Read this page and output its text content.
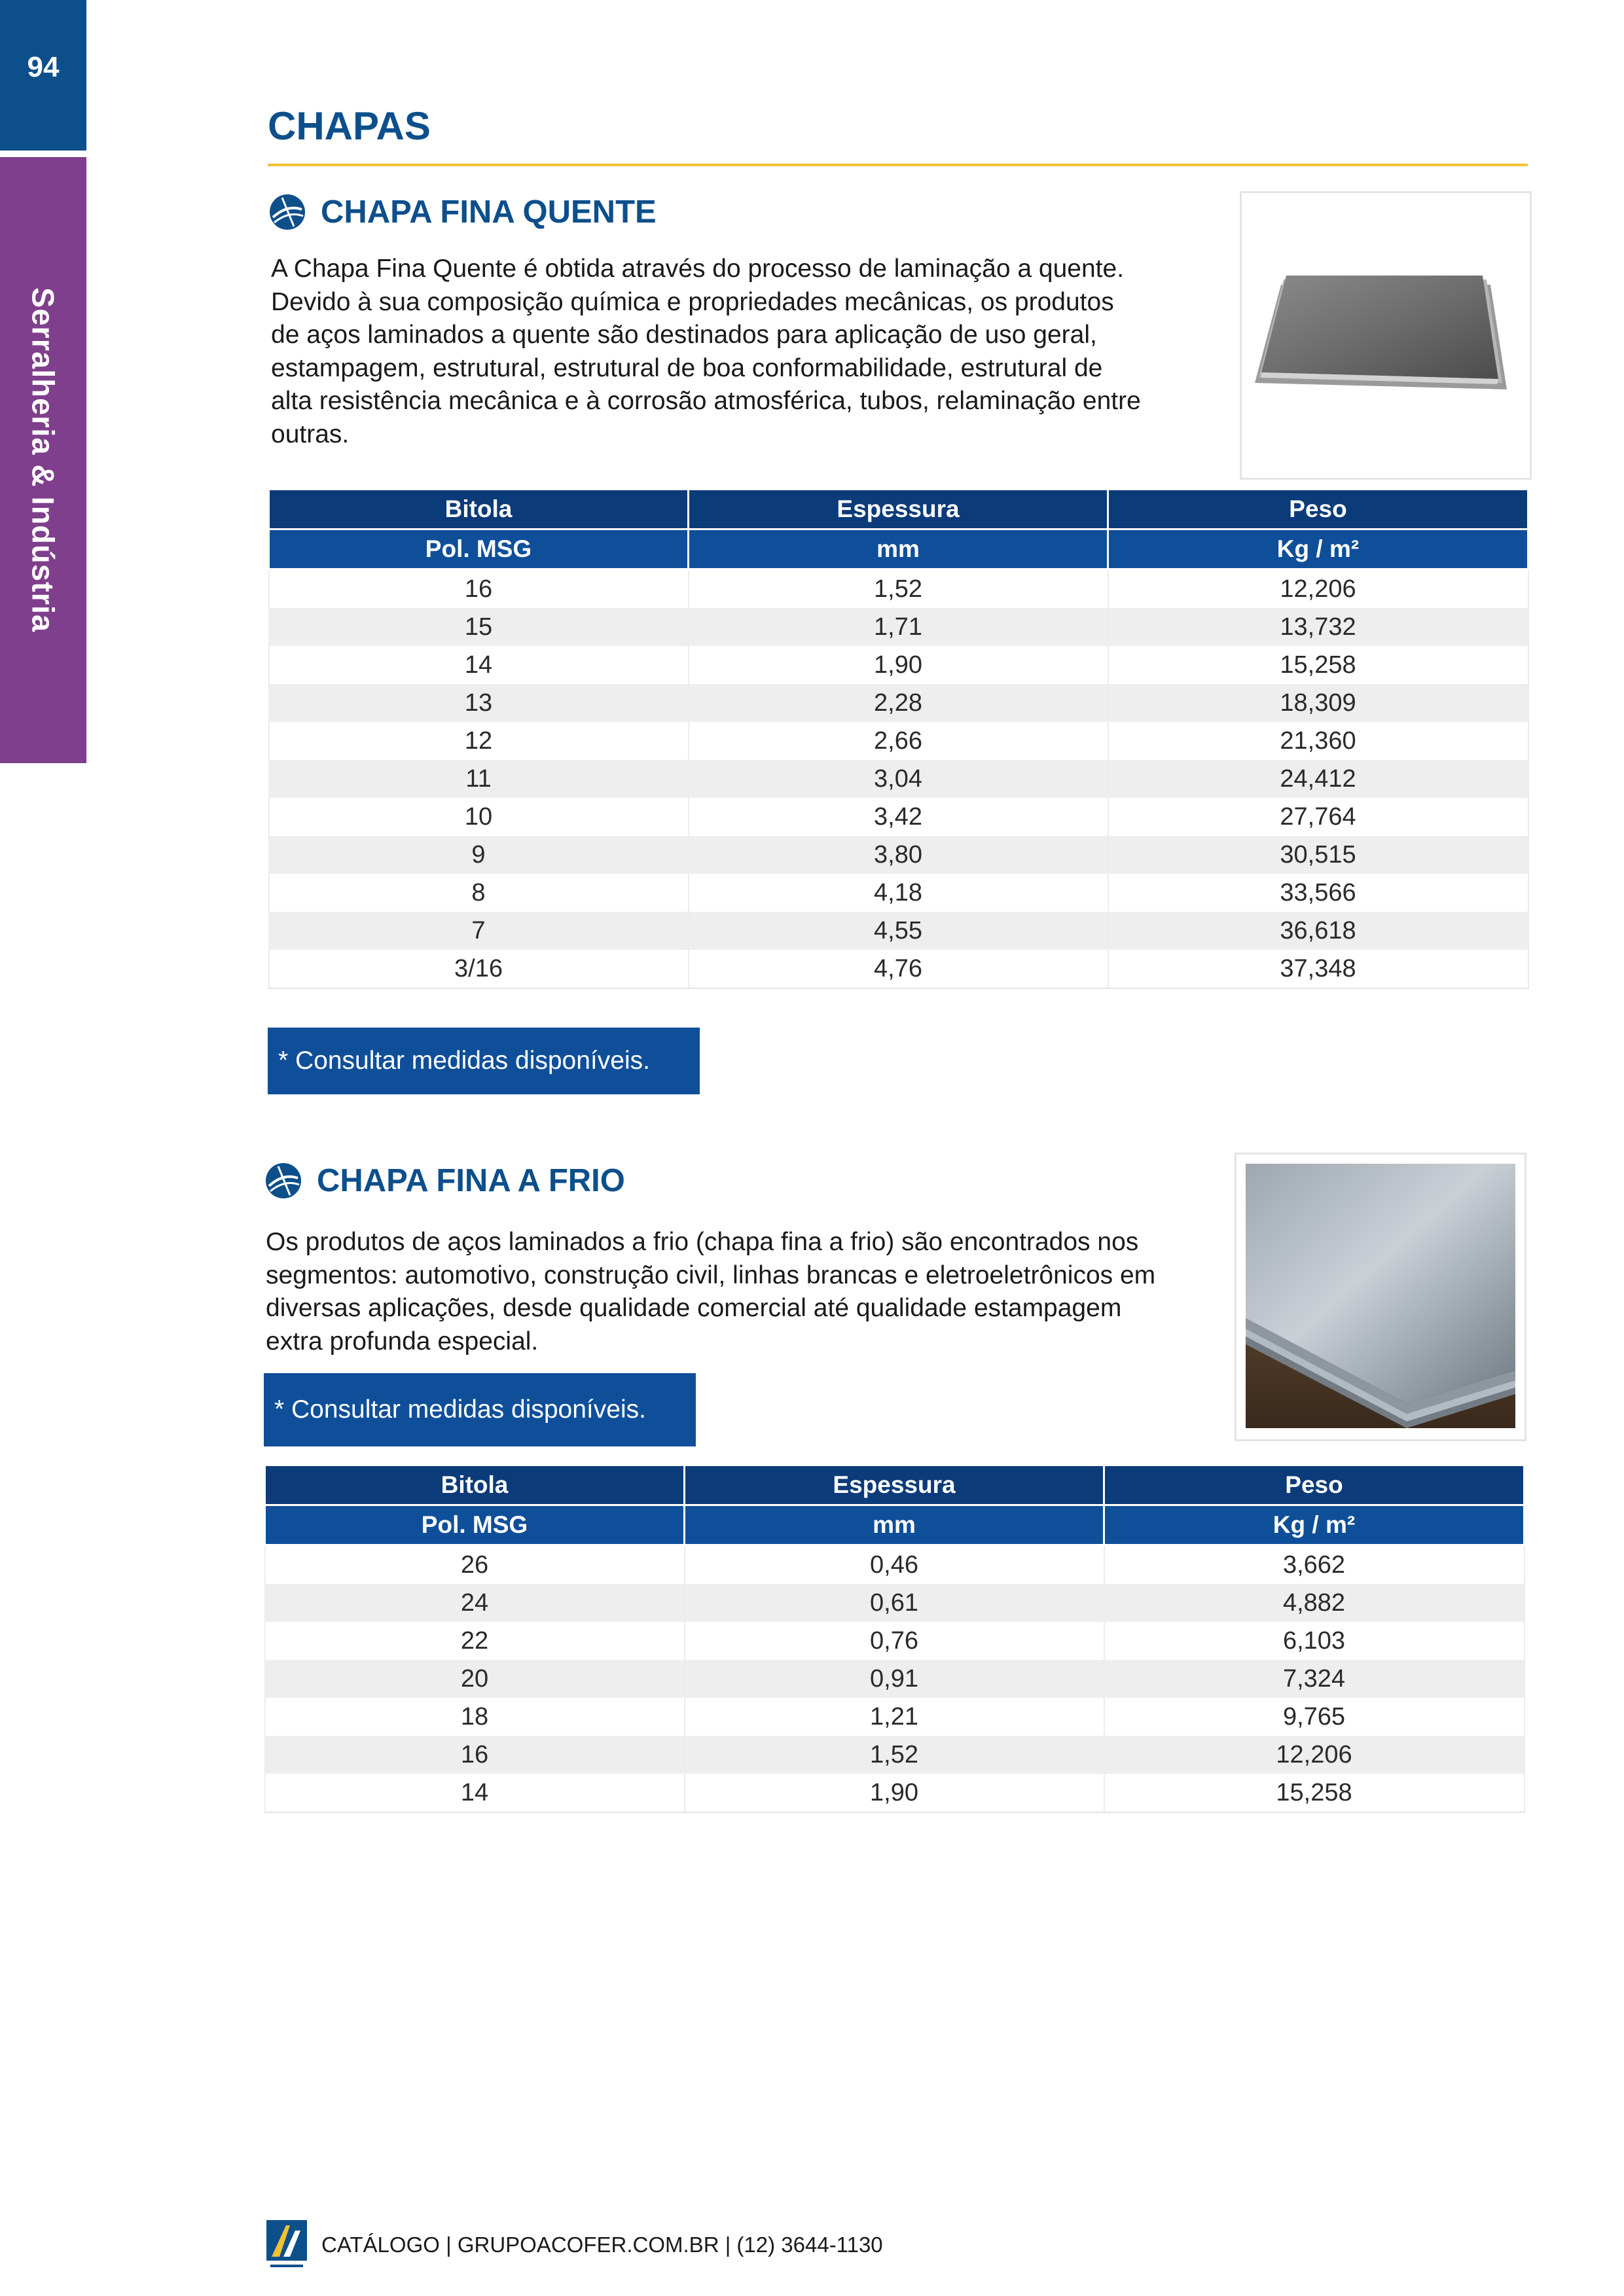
94
Serralheria & Indústria
CHAPAS
CHAPA FINA QUENTE
A Chapa Fina Quente é obtida através do processo de laminação a quente. Devido à sua composição química e propriedades mecânicas, os produtos de aços laminados a quente são destinados para aplicação de uso geral, estampagem, estrutural, estrutural de boa conformabilidade, estrutural de alta resistência mecânica e à corrosão atmosférica, tubos, relaminação entre outras.
Bitola	Espessura	Peso
Pol. MSG	mm	Kg / m²
16	1,52	12,206
15	1,71	13,732
14	1,90	15,258
13	2,28	18,309
12	2,66	21,360
11	3,04	24,412
10	3,42	27,764
9	3,80	30,515
8	4,18	33,566
7	4,55	36,618
3/16	4,76	37,348
* Consultar medidas disponíveis.
CHAPA FINA A FRIO
Os produtos de aços laminados a frio (chapa fina a frio) são encontrados nos segmentos: automotivo, construção civil, linhas brancas e eletroeletrônicos em diversas aplicações, desde qualidade comercial até qualidade estampagem extra profunda especial.
* Consultar medidas disponíveis.
Bitola	Espessura	Peso
Pol. MSG	mm	Kg / m²
26	0,46	3,662
24	0,61	4,882
22	0,76	6,103
20	0,91	7,324
18	1,21	9,765
16	1,52	12,206
14	1,90	15,258
CATÁLOGO | GRUPOACOFER.COM.BR | (12) 3644-1130
